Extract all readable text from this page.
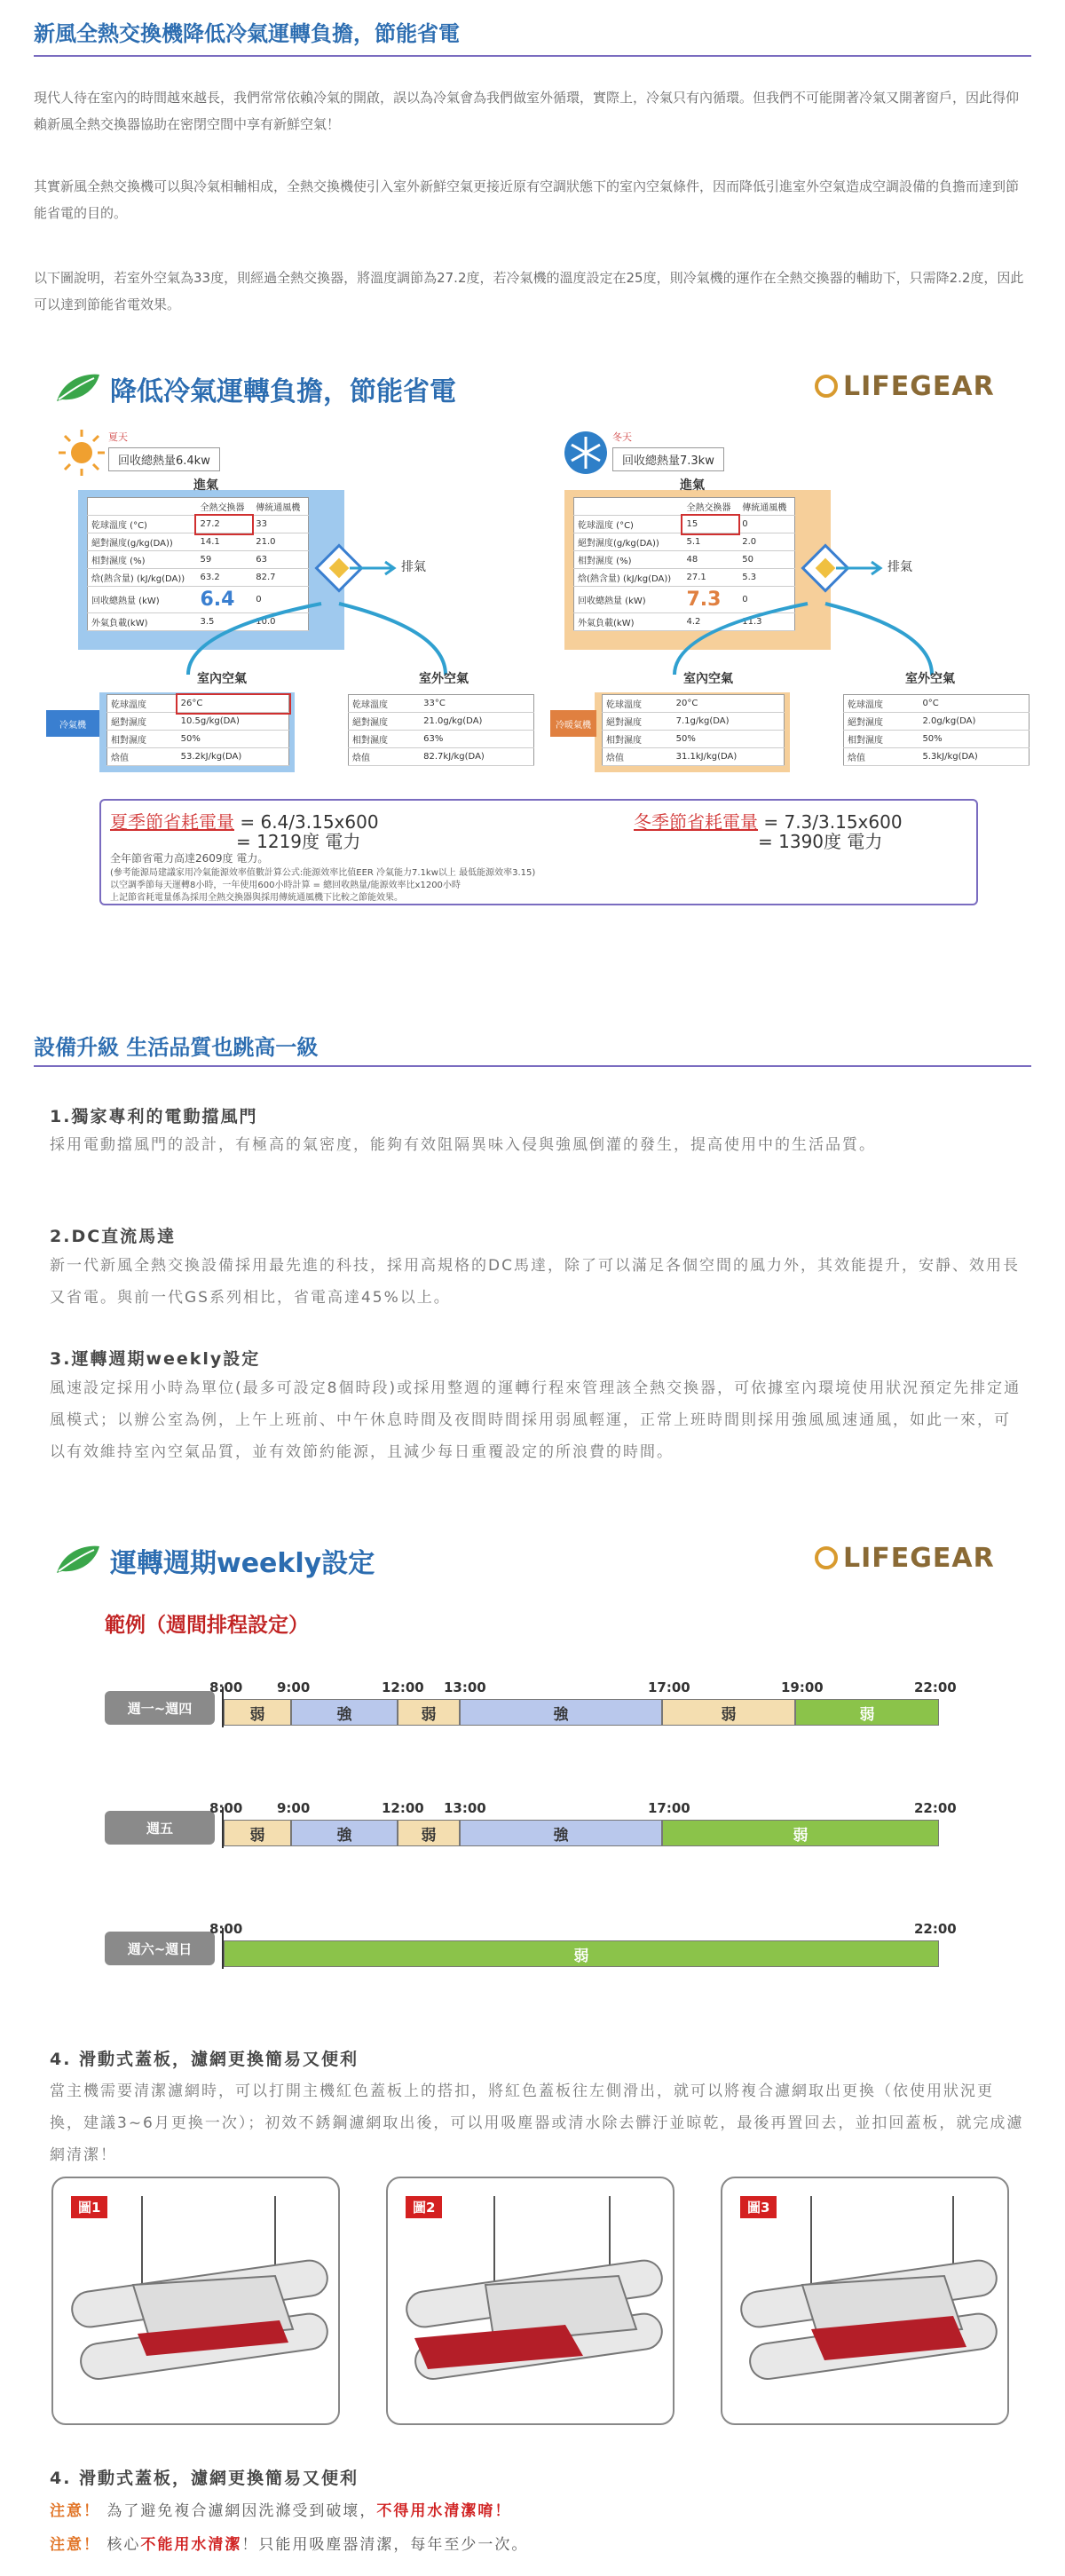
新風全熱交換機降低冷氣運轉負擔，節能省電
現代人待在室內的時間越來越長，我們常常依賴冷氣的開啟，誤以為冷氣會為我們做室外循環，實際上，冷氣只有內循環。但我們不可能開著冷氣又開著窗戶，因此得仰賴新風全熱交換器協助在密閉空間中享有新鮮空氣！
其實新風全熱交換機可以與冷氣相輔相成，全熱交換機使引入室外新鮮空氣更接近原有空調狀態下的室內空氣條件，因而降低引進室外空氣造成空調設備的負擔而達到節能省電的目的。
以下圖說明，若室外空氣為33度，則經過全熱交換器，將溫度調節為27.2度，若冷氣機的溫度設定在25度，則冷氣機的運作在全熱交換器的輔助下，只需降2.2度，因此可以達到節能省電效果。
降低冷氣運轉負擔，節能省電	LIFEGEAR
夏天
回收總熱量6.4kw
進氣
	全熱交換器	傳統通風機
乾球溫度 (°C)	27.2	33
絕對濕度(g/kg(DA))	14.1	21.0
相對濕度 (%)	59	63
焓(熱含量) (kJ/kg(DA))	63.2	82.7
回收總熱量 (kW)	6.4	0
外氣負載(kW)	3.5	10.0
排氣
室內空氣	室外空氣
冷氣機
乾球溫度	26°C
絕對濕度	10.5g/kg(DA)
相對濕度	50%
焓值	53.2kJ/kg(DA)
乾球溫度	33°C
絕對濕度	21.0g/kg(DA)
相對濕度	63%
焓值	82.7kJ/kg(DA)
冬天
回收總熱量7.3kw
進氣
	全熱交換器	傳統通風機
乾球溫度 (°C)	15	0
絕對濕度(g/kg(DA))	5.1	2.0
相對濕度 (%)	48	50
焓(熱含量) (kJ/kg(DA))	27.1	5.3
回收總熱量 (kW)	7.3	0
外氣負載(kW)	4.2	11.3
排氣
室內空氣	室外空氣
冷暖氣機
乾球溫度	20°C
絕對濕度	7.1g/kg(DA)
相對濕度	50%
焓值	31.1kJ/kg(DA)
乾球溫度	0°C
絕對濕度	2.0g/kg(DA)
相對濕度	50%
焓值	5.3kJ/kg(DA)
夏季節省耗電量 = 6.4/3.15x600
= 1219度 電力
冬季節省耗電量 = 7.3/3.15x600
= 1390度 電力
全年節省電力高達2609度 電力。
(參考能源局建議家用冷氣能源效率值數計算公式:能源效率比值EER 冷氣能力7.1kw以上 最低能源效率3.15)
以空調季節每天運轉8小時，一年使用600小時計算 = 總回收熱量/能源效率比x1200小時
上記節省耗電量係為採用全熱交換器與採用傳統通風機下比較之節能效果。
設備升級 生活品質也跳高一級
1.獨家專利的電動擋風門
採用電動擋風門的設計，有極高的氣密度，能夠有效阻隔異味入侵與強風倒灌的發生，提高使用中的生活品質。
2.DC直流馬達
新一代新風全熱交換設備採用最先進的科技，採用高規格的DC馬達，除了可以滿足各個空間的風力外，其效能提升，安靜、效用長又省電。與前一代GS系列相比，省電高達45%以上。
3.運轉週期weekly設定
風速設定採用小時為單位(最多可設定8個時段)或採用整週的運轉行程來管理該全熱交換器，可依據室內環境使用狀況預定先排定通風模式；以辦公室為例，上午上班前、中午休息時間及夜間時間採用弱風輕運，正常上班時間則採用強風風速通風，如此一來，可以有效維持室內空氣品質，並有效節約能源，且減少每日重覆設定的所浪費的時間。
運轉週期weekly設定	LIFEGEAR
範例（週間排程設定）
週一~週四
8:00	9:00	12:00 13:00	17:00	19:00	22:00
弱	強	弱	強	弱	弱
週五
8:00	9:00	12:00 13:00	17:00	22:00
弱	強	弱	強	弱
週六~週日
8:00	22:00
弱
4. 滑動式蓋板，濾網更換簡易又便利
當主機需要清潔濾網時，可以打開主機紅色蓋板上的搭扣，將紅色蓋板往左側滑出，就可以將複合濾網取出更換（依使用狀況更換，建議3~6月更換一次）；初效不銹鋼濾網取出後，可以用吸塵器或清水除去髒汙並晾乾，最後再置回去，並扣回蓋板，就完成濾網清潔！
圖1	圖2	圖3
4. 滑動式蓋板，濾網更換簡易又便利
注意！ 為了避免複合濾網因洗滌受到破壞，不得用水清潔唷！
注意！ 核心不能用水清潔！只能用吸塵器清潔，每年至少一次。
